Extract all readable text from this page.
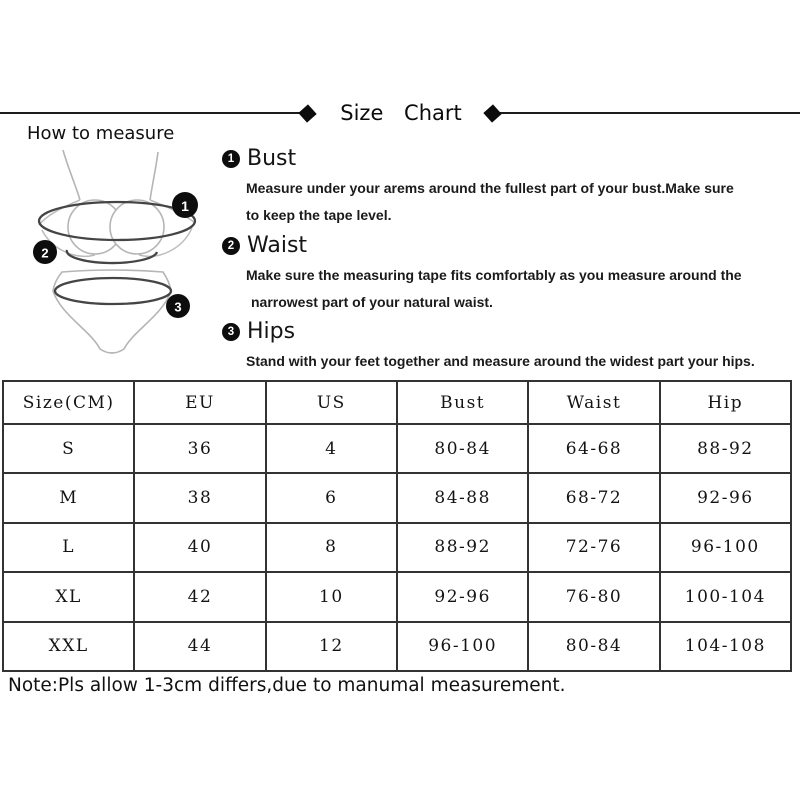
Size Chart
How to measure
1
2
3
1 Bust

Measure under your arems around the fullest part of your bust.Make sure

to keep the tape level.

2 Waist

Make sure the measuring tape fits comfortably as you measure around the

narrowest part of your natural waist.

3 Hips

Stand with your feet together and measure around the widest part your hips.

Size(CM)	EU	US	Bust	Waist	Hip
S	36	4	80-84	64-68	88-92
M	38	6	84-88	68-72	92-96
L	40	8	88-92	72-76	96-100
XL	42	10	92-96	76-80	100-104
XXL	44	12	96-100	80-84	104-108

Note:Pls allow 1-3cm differs,due to manumal measurement.
